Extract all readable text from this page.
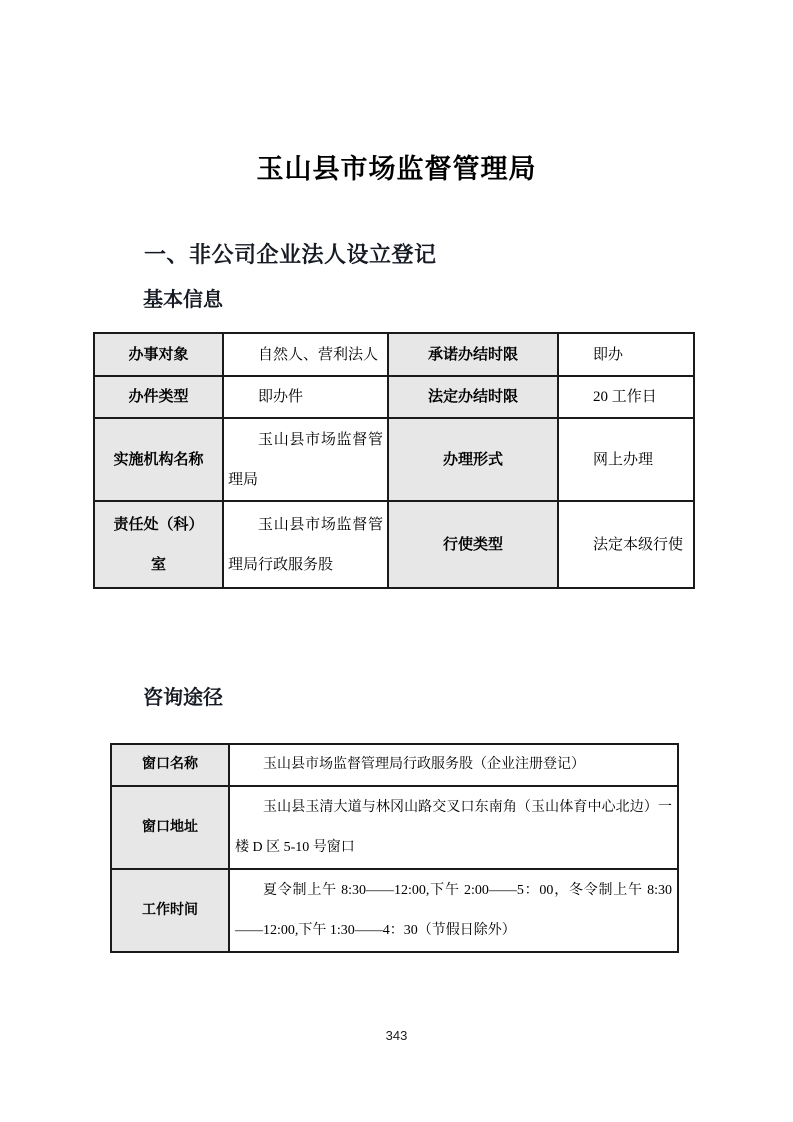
玉山县市场监督管理局
一、非公司企业法人设立登记
基本信息
办事对象	自然人、营利法人	承诺办结时限	即办

办件类型	即办件	法定办结时限	20 工作日

实施机构名称	玉山县市场监督管理局	办理形式	网上办理

责任处（科）室	玉山县市场监督管理局行政服务股	行使类型	法定本级行使

咨询途径
窗口名称	玉山县市场监督管理局行政服务股（企业注册登记）

窗口地址	玉山县玉清大道与林冈山路交叉口东南角（玉山体育中心北边）一楼 D 区 5-10 号窗口

工作时间	夏令制上午 8:30——12:00,下午 2:00——5：00，冬令制上午 8:30——12:00,下午 1:30——4：30（节假日除外）

343
